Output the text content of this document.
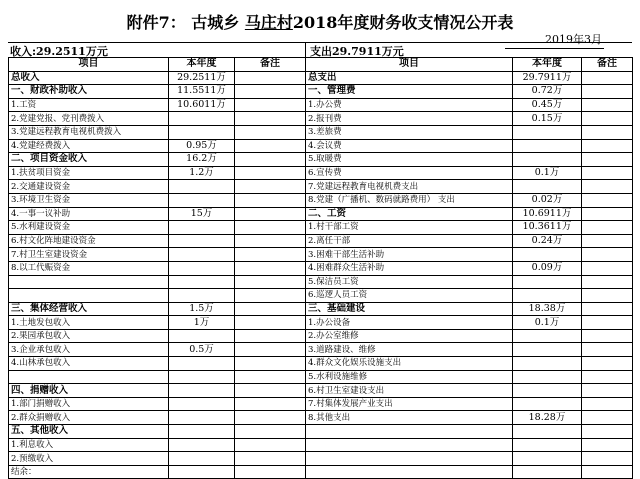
附件7： 古城乡 马庄村2018年度财务收支情况公开表
2019年3月
收入:29.2511万元	支出29.7911万元
项目	本年度	备注	项目	本年度	备注
总收入	29.2511万		总支出	29.7911万	
一、财政补助收入	11.5511万		一、管理费	0.72万	
1.工资	10.6011万		1.办公费	0.45万	
2.党建党报、党刊费拨入			2.报刊费	0.15万	
3.党建远程教育电视机费拨入			3.差旅费		
4.党建经费拨入	0.95万		4.会议费		
二、项目资金收入	16.2万		5.取暖费		
1.扶贫项目资金	1.2万		6.宣传费	0.1万	
2.交通建设资金			7.党建远程教育电视机费支出		
3.环境卫生资金			8.党建（广播机、数码就路费用） 支出	0.02万	
4.一事一议补助	15万		二、工资	10.6911万	
5.水利建设资金			1.村干部工资	10.3611万	
6.村文化阵地建设资金			2.离任干部	0.24万	
7.村卫生室建设资金			3.困难干部生活补助		
8.以工代赈资金			4.困难群众生活补助	0.09万	
			5.保洁员工资		
			6.巡逻人员工资		
三、集体经营收入	1.5万		三、基础建设	18.38万	
1.土地发包收入	1万		1.办公设备	0.1万	
2.果园承包收入			2.办公室维修		
3.企业承包收入	0.5万		3.道路建设、维修		
4.山林承包收入			4.群众文化娱乐设施支出		
			5.水利设施维修		
四、捐赠收入			6.村卫生室建设支出		
1.部门捐赠收入			7.村集体发展产业支出		
2.群众捐赠收入			8.其他支出	18.28万	
五、其他收入					
1.利息收入					
2.预缴收入					
结余：					
